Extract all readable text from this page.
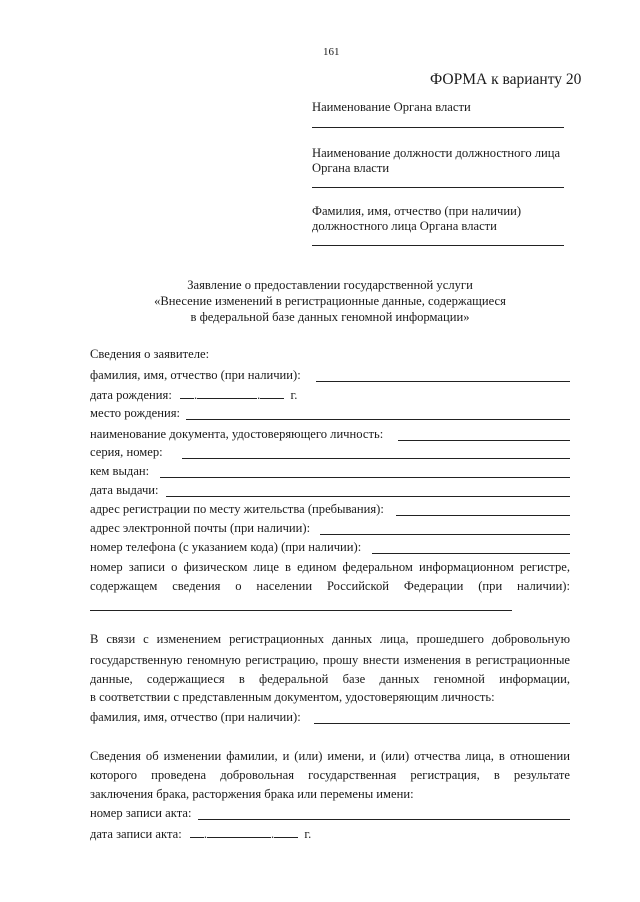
161
ФОРМА к варианту 20
Наименование Органа власти
Наименование должности должностного лица
Органа власти
Фамилия, имя, отчество (при наличии)
должностного лица Органа власти
Заявление о предоставлении государственной услуги
«Внесение изменений в регистрационные данные, содержащиеся
в федеральной базе данных геномной информации»
Сведения о заявителе:
фамилия, имя, отчество (при наличии):
дата рождения: .	. г.
место рождения:
наименование документа, удостоверяющего личность:
серия, номер:
кем выдан:
дата выдачи:
адрес регистрации по месту жительства (пребывания):
адрес электронной почты (при наличии):
номер телефона (с указанием кода) (при наличии):
номер записи о физическом лице в едином федеральном информационном регистре,
содержащем сведения о населении Российской Федерации (при наличии):
В связи с изменением регистрационных данных лица, прошедшего добровольную
государственную геномную регистрацию, прошу внести изменения в регистрационные
данные, содержащиеся в федеральной базе данных геномной информации,
в соответствии с представленным документом, удостоверяющим личность:
фамилия, имя, отчество (при наличии):
Сведения об изменении фамилии, и (или) имени, и (или) отчества лица, в отношении
которого проведена добровольная государственная регистрация, в результате
заключения брака, расторжения брака или перемены имени:
номер записи акта:
дата записи акта: .	. г.
